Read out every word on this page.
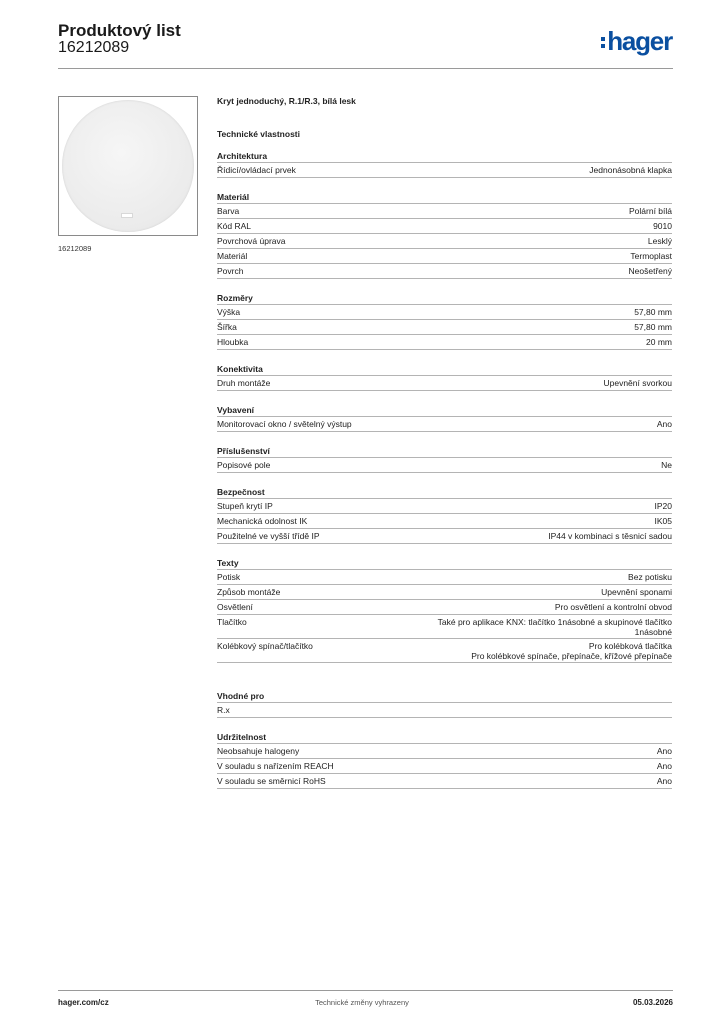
Produktový list
16212089	hager
16212089
Kryt jednoduchý, R.1/R.3, bílá lesk
Technické vlastnosti
Architektura
Řídicí/ovládací prvek	Jednonásobná klapka
Materiál
Barva	Polární bílá
Kód RAL	9010
Povrchová úprava	Lesklý
Materiál	Termoplast
Povrch	Neošetřený
Rozměry
Výška	57,80 mm
Šířka	57,80 mm
Hloubka	20 mm
Konektivita
Druh montáže	Upevnění svorkou
Vybavení
Monitorovací okno / světelný výstup	Ano
Příslušenství
Popisové pole	Ne
Bezpečnost
Stupeň krytí IP	IP20
Mechanická odolnost IK	IK05
Použitelné ve vyšší třídě IP	IP44 v kombinaci s těsnicí sadou
Texty
Potisk	Bez potisku
Způsob montáže	Upevnění sponami
Osvětlení	Pro osvětlení a kontrolní obvod
Tlačítko	Také pro aplikace KNX: tlačítko 1násobné a skupinové tlačítko
1násobné
Kolébkový spínač/tlačítko	Pro kolébková tlačítka
Pro kolébkové spínače, přepínače, křížové přepínače
Vhodné pro
R.x
Udržitelnost
Neobsahuje halogeny	Ano
V souladu s nařízením REACH	Ano
V souladu se směrnicí RoHS	Ano
hager.com/cz	Technické změny vyhrazeny	05.03.2026
